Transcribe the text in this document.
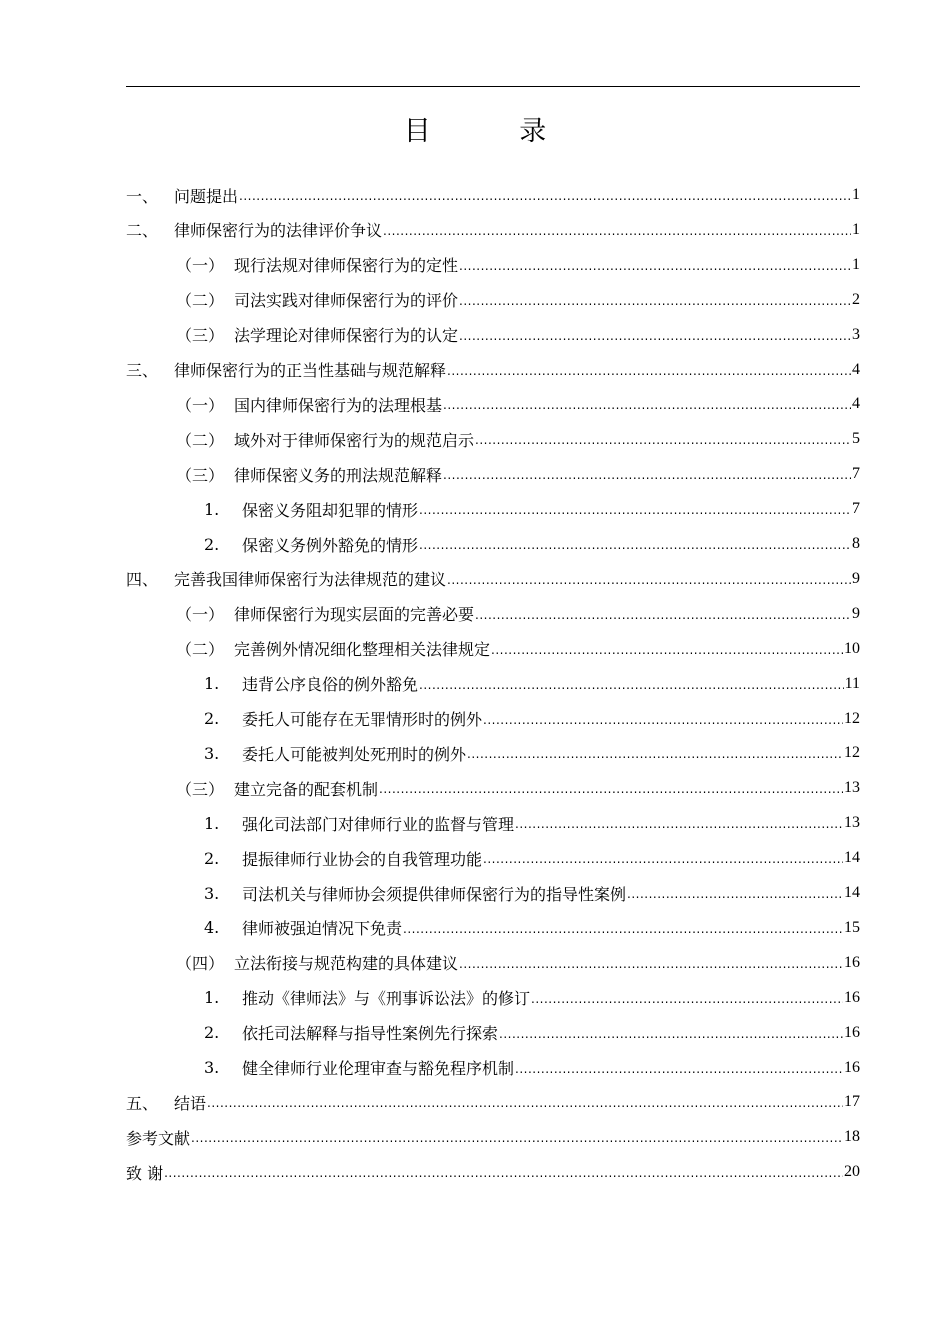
目 录
一、 问题提出 .....	1
二、 律师保密行为的法律评价争议 .....	1
（一） 现行法规对律师保密行为的定性 .....	1
（二） 司法实践对律师保密行为的评价 .....	2
（三） 法学理论对律师保密行为的认定 .....	3
三、 律师保密行为的正当性基础与规范解释 .....	4
（一） 国内律师保密行为的法理根基 .....	4
（二） 域外对于律师保密行为的规范启示 .....	5
（三） 律师保密义务的刑法规范解释 .....	7
1.	保密义务阻却犯罪的情形 .....	7
2.	保密义务例外豁免的情形 .....	8
四、 完善我国律师保密行为法律规范的建议 .....	9
（一） 律师保密行为现实层面的完善必要 .....	9
（二） 完善例外情况细化整理相关法律规定 .....	10
1.	违背公序良俗的例外豁免 .....	11
2.	委托人可能存在无罪情形时的例外 .....	12
3.	委托人可能被判处死刑时的例外 .....	12
（三） 建立完备的配套机制 .....	13
1.	强化司法部门对律师行业的监督与管理 .....	13
2.	提振律师行业协会的自我管理功能 .....	14
3.	司法机关与律师协会须提供律师保密行为的指导性案例 .....	14
4.	律师被强迫情况下免责 .....	15
（四） 立法衔接与规范构建的具体建议 .....	16
1.	推动《律师法》与《刑事诉讼法》的修订 .....	16
2.	依托司法解释与指导性案例先行探索 .....	16
3.	健全律师行业伦理审查与豁免程序机制 .....	16
五、 结语 .....	17
参考文献 .....	18
致 谢 .....	20
